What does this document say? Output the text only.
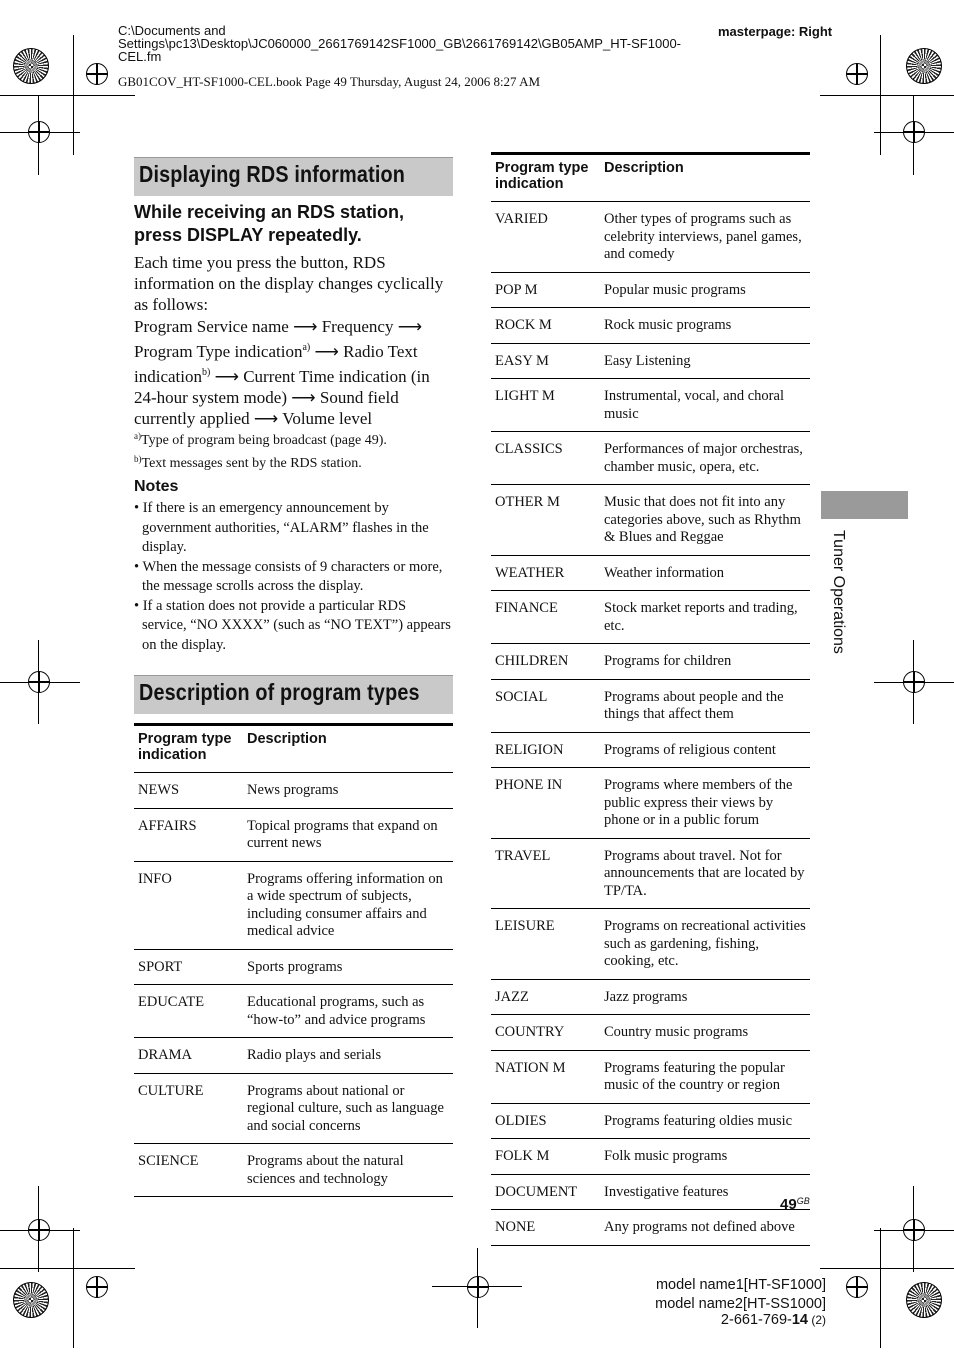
C:\Documents and Settings\pc13\Desktop\JC060000_2661769142SF1000_GB\2661769142\GB05AMP_HT-SF1000-CEL.fm
GB01COV_HT-SF1000-CEL.book Page 49 Thursday, August 24, 2006 8:27 AM
masterpage: Right
Displaying RDS information
While receiving an RDS station, press DISPLAY repeatedly.
Each time you press the button, RDS information on the display changes cyclically as follows:
Program Service name ⟶ Frequency ⟶ Program Type indication$^{a)}$ ⟶ Radio Text indication$^{b)}$ ⟶ Current Time indication (in 24-hour system mode) ⟶ Sound field currently applied ⟶ Volume level
$^{a)}$Type of program being broadcast (page 49).
$^{b)}$Text messages sent by the RDS station.
Notes
• If there is an emergency announcement by government authorities, “ALARM” flashes in the display.
• When the message consists of 9 characters or more, the message scrolls across the display.
• If a station does not provide a particular RDS service, “NO XXXX” (such as “NO TEXT”) appears on the display.
Description of program types
Program type indication	Description
NEWS	News programs
AFFAIRS	Topical programs that expand on current news
INFO	Programs offering information on a wide spectrum of subjects, including consumer affairs and medical advice
SPORT	Sports programs
EDUCATE	Educational programs, such as “how-to” and advice programs
DRAMA	Radio plays and serials
CULTURE	Programs about national or regional culture, such as language and social concerns
SCIENCE	Programs about the natural sciences and technology
Program type indication	Description
VARIED	Other types of programs such as celebrity interviews, panel games, and comedy
POP M	Popular music programs
ROCK M	Rock music programs
EASY M	Easy Listening
LIGHT M	Instrumental, vocal, and choral music
CLASSICS	Performances of major orchestras, chamber music, opera, etc.
OTHER M	Music that does not fit into any categories above, such as Rhythm & Blues and Reggae
WEATHER	Weather information
FINANCE	Stock market reports and trading, etc.
CHILDREN	Programs for children
SOCIAL	Programs about people and the things that affect them
RELIGION	Programs of religious content
PHONE IN	Programs where members of the public express their views by phone or in a public forum
TRAVEL	Programs about travel. Not for announcements that are located by TP/TA.
LEISURE	Programs on recreational activities such as gardening, fishing, cooking, etc.
JAZZ	Jazz programs
COUNTRY	Country music programs
NATION M	Programs featuring the popular music of the country or region
OLDIES	Programs featuring oldies music
FOLK M	Folk music programs
DOCUMENT	Investigative features
NONE	Any programs not defined above
Tuner Operations
$49^{GB}$
model name1[HT-SF1000]
model name2[HT-SS1000]
2-661-769-14 (2)
